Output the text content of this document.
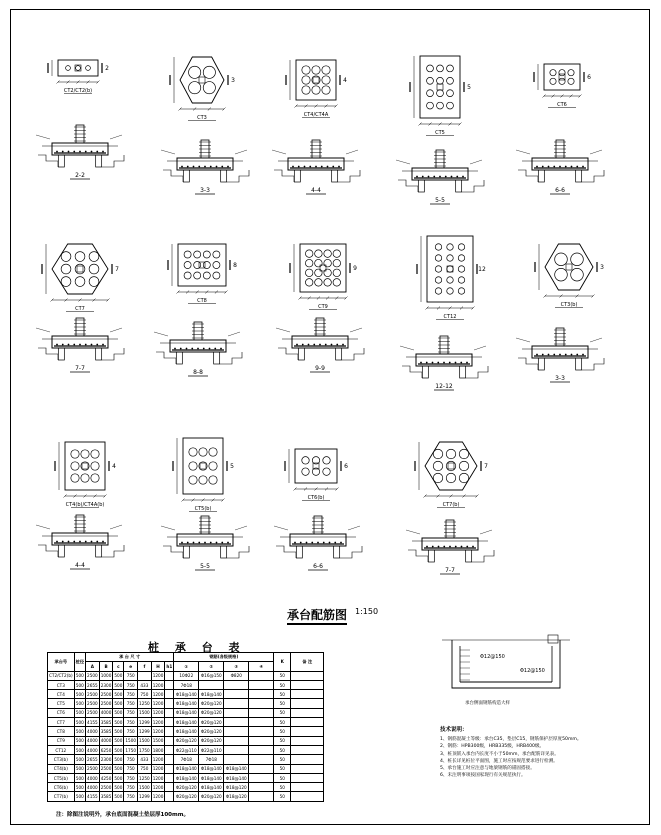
2
CT2/CT2(b)
3
CT3
4
CT4/CT4A
5
CT5
6
CT6
7
CT7
8
CT8
9
CT9
12
CT12
3
CT3(b)
4
CT4(b)/CT4A(b)
5
CT5(b)
6
CT6(b)
7
CT7(b)
2-2
3-3	4-4
5-5
6-6
7-7
8-8
9-9
12-12
3-3
4-4	5-5	6-6
7-7
Φ12@150
Φ12@150
承台配筋图 1:150
桩 承 台 表
承台号	桩径	承 台 尺 寸							钢筋(各级规格)				K	备 注
		A	B	c	e	f	H	h1	①	②	③	④		
CT2/CT2(b)	500	2500	1000	500	750		1200		10Φ22	Φ16@150	Φ820		50	
CT3	500	2655	2300	500	750	433	1200		7Φ18				50	
CT4	500	2500	2500	500	750	750	1200		Φ18@140	Φ18@140			50	
CT5	500	2500	2500	500	750	1250	1200		Φ18@140	Φ20@120			50	
CT6	500	2500	4000	500	750	1500	1200		Φ18@140	Φ20@120			50	
CT7	500	4155	3585	500	750	1299	1200		Φ18@140	Φ20@120			50	
CT8	500	4000	3585	500	750	1299	1200		Φ18@140	Φ20@120			50	
CT9	500	4000	4000	500	1500	1500	1500		Φ20@120	Φ20@120			50	
CT12	500	4000	6250	500	1750	1750	1800		Φ22@110	Φ22@110			50	
CT3(b)	500	2655	2300	500	750	433	1200		7Φ18	7Φ18			50	
CT4(b)	500	2500	2500	500	750	750	1200		Φ18@140	Φ18@140	Φ18@140		50	
CT5(b)	500	4000	4250	500	750	1250	1200		Φ18@140	Φ18@140	Φ18@140		50	
CT6(b)	500	4000	2500	500	750	1500	1200		Φ20@120	Φ18@140	Φ18@120		50	
CT7(b)	500	4155	3585	500	750	1299	1200		Φ20@120	Φ20@120	Φ18@120		50	
注：除图注说明外，承台底面混凝土垫层厚100mm。
承台侧面钢筋构造大样
技术说明：
1、钢筋混凝土等级：承台C35，垫层C15，钢筋保护层厚度50mm。
2、钢筋：HPB300级，HRB335级，HRB400级。
3、桩顶嵌入承台内长度不小于50mm，承台配筋详见表。
4、桩长详见桩位平面图，施工时应按规范要求进行检测。
5、承台施工时应注意与地梁钢筋的锚固搭接。
6、未注明事项按国家现行有关规范执行。
